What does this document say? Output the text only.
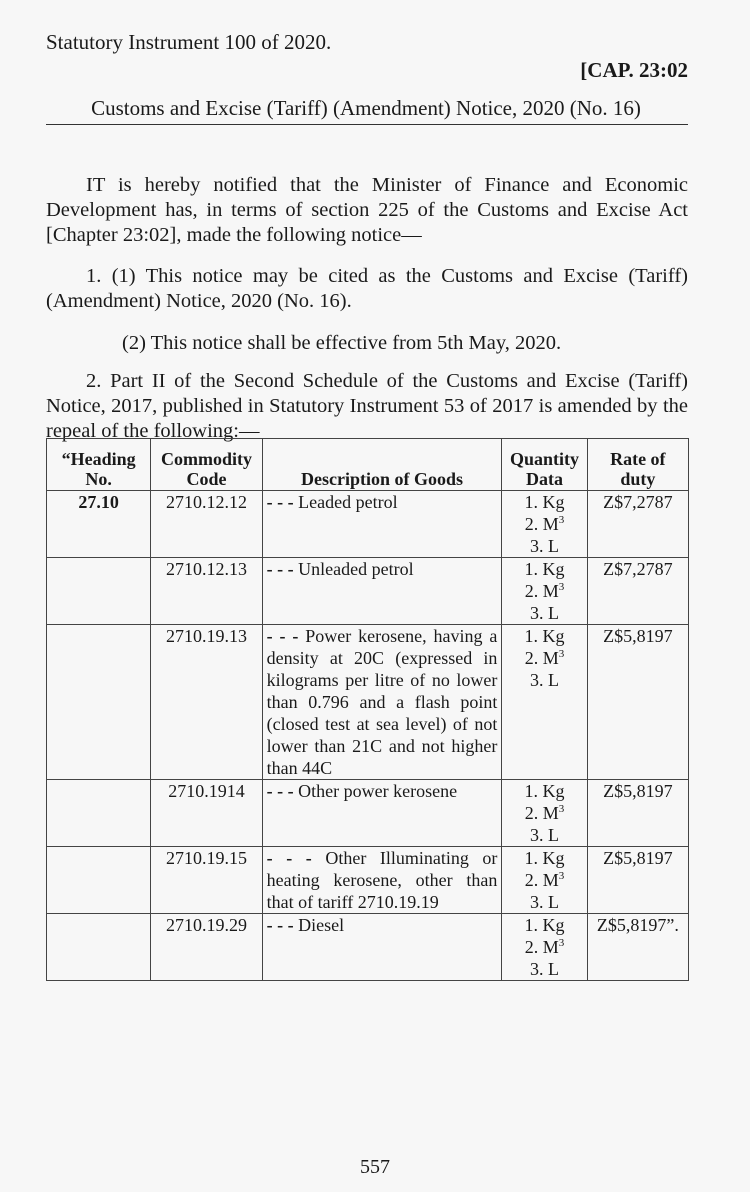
Statutory Instrument 100 of 2020.
[CAP. 23:02
Customs and Excise (Tariff) (Amendment) Notice, 2020 (No. 16)

IT is hereby notified that the Minister of Finance and Economic Development has, in terms of section 225 of the Customs and Excise Act [Chapter 23:02], made the following notice—

1. (1) This notice may be cited as the Customs and Excise (Tariff) (Amendment) Notice, 2020 (No. 16).

(2) This notice shall be effective from 5th May, 2020.

2. Part II of the Second Schedule of the Customs and Excise (Tariff) Notice, 2017, published in Statutory Instrument 53 of 2017 is amended by the repeal of the following:—

“Heading No.	Commodity Code	Description of Goods	Quantity Data	Rate of duty
27.10	2710.12.12	- - - Leaded petrol	1. Kg
2. $M^3$
3. L	Z$7,2787
	2710.12.13	- - - Unleaded petrol	1. Kg
2. $M^3$
3. L	Z$7,2787
	2710.19.13	- - - Power kerosene, having a density at 20C (expressed in kilograms per litre of no lower than 0.796 and a flash point (closed test at sea level) of not lower than 21C and not higher than 44C	1. Kg
2. $M^3$
3. L	Z$5,8197
	2710.1914	- - - Other power kerosene	1. Kg
2. $M^3$
3. L	Z$5,8197
	2710.19.15	- - - Other Illuminating or heating kerosene, other than that of tariff 2710.19.19	1. Kg
2. $M^3$
3. L	Z$5,8197
	2710.19.29	- - - Diesel	1. Kg
2. $M^3$
3. L	Z$5,8197”.
557
